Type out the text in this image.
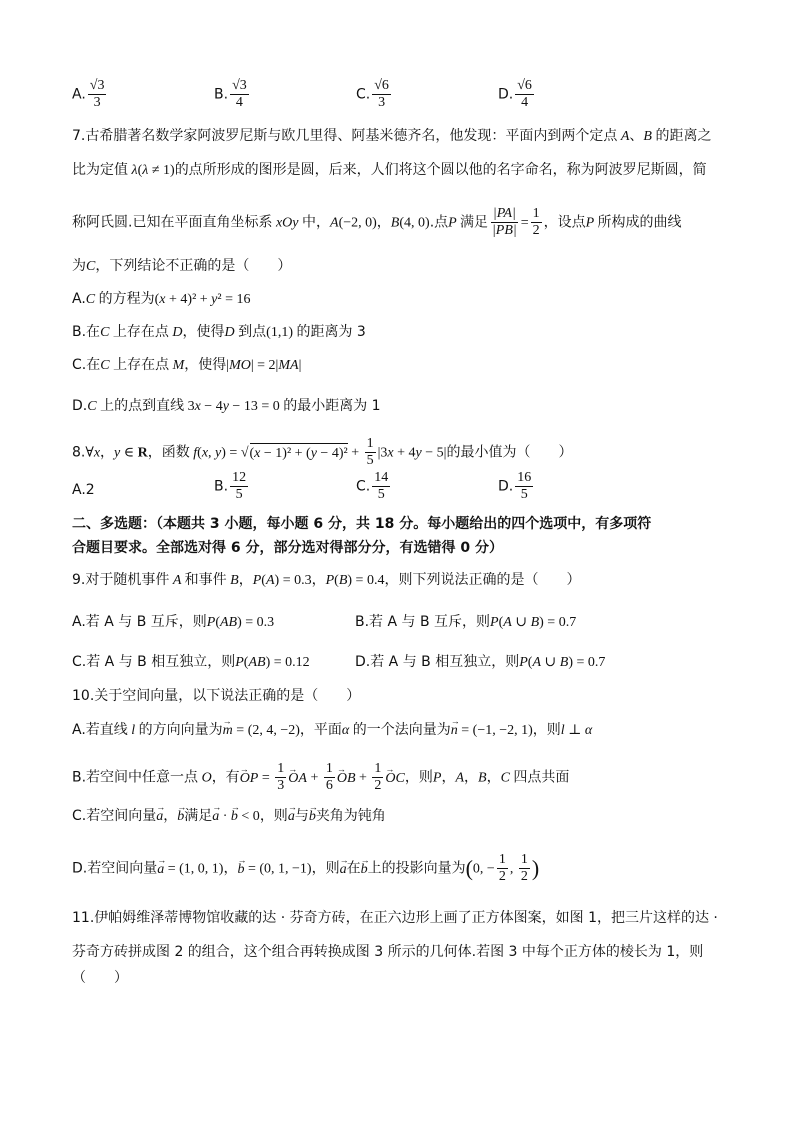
A. $\frac{√3}{3}$	B. $\frac{√3}{4}$	C. $\frac{√6}{3}$	D. $\frac{√6}{4}$
7.古希腊著名数学家阿波罗尼斯与欧几里得、阿基米德齐名，他发现：平面内到两个定点 A、B 的距离之
比为定值 λ(λ ≠ 1)的点所形成的图形是圆，后来，人们将这个圆以他的名字命名，称为阿波罗尼斯圆，简
称阿氏圆.已知在平面直角坐标系 xOy 中，A(−2, 0)，B(4, 0).点P 满足 $\frac{|PA|}{|PB|} = \frac{1}{2}$ ，设点P 所构成的曲线
为C，下列结论不正确的是（　　）
A.C 的方程为(x + 4)² + y² = 16
B.在C 上存在点 D，使得D 到点(1,1) 的距离为 3
C.在C 上存在点 M，使得|MO| = 2|MA|
D.C 上的点到直线 3x − 4y − 13 = 0 的最小距离为 1
8.∀x，y ∈ R，函数 f(x, $y) = √(x - 1)^2 + (y - 4)^2 + \frac{1}{5} |3x + 4y - 5|$的最小值为（　　）
A.2	B. $\frac{12}{5}$	C. $\frac{14}{5}$	D. $\frac{16}{5}$
二、多选题：（本题共 3 小题，每小题 6 分，共 18 分。每小题给出的四个选项中，有多项符
合题目要求。全部选对得 6 分，部分选对得部分分，有选错得 0 分）
9.对于随机事件 A 和事件 B，P(A) = 0.3，P(B) = 0.4，则下列说法正确的是（　　）
A.若 A 与 B 互斥，则P(AB) = 0.3	B.若 A 与 B 互斥，则P(A ∪ B) = 0.7
C.若 A 与 B 相互独立，则P(AB) = 0.12	D.若 A 与 B 相互独立，则P(A ∪ B) = 0.7
10.关于空间向量，以下说法正确的是（　　）
A.若直线 l 的方向向量为→ m = (2, 4, −2)，平面α 的一个法向量为→ n = (−1, −2, 1)，则l ⊥ α
B.若空间中任意一点 O，有→ OP = $\frac{1}{3}$ → OA + $\frac{1}{6}$ → OB + $\frac{1}{2}$ → OC，则P，A，B，C 四点共面
C.若空间向量→ a，→ b满足→ a · → b < 0，则→ a与→ b夹角为钝角
D.若空间向量→ a = (1, 0, 1)，→ b = (0, 1, −1)，则→ a在→ b上的投影向量为(0, − $\frac{1}{2}$ , $\frac{1}{2}$ )
11.伊帕姆维泽蒂博物馆收藏的达 · 芬奇方砖，在正六边形上画了正方体图案，如图 1，把三片这样的达 ·
芬奇方砖拼成图 2 的组合，这个组合再转换成图 3 所示的几何体.若图 3 中每个正方体的棱长为 1，则
（　　）
